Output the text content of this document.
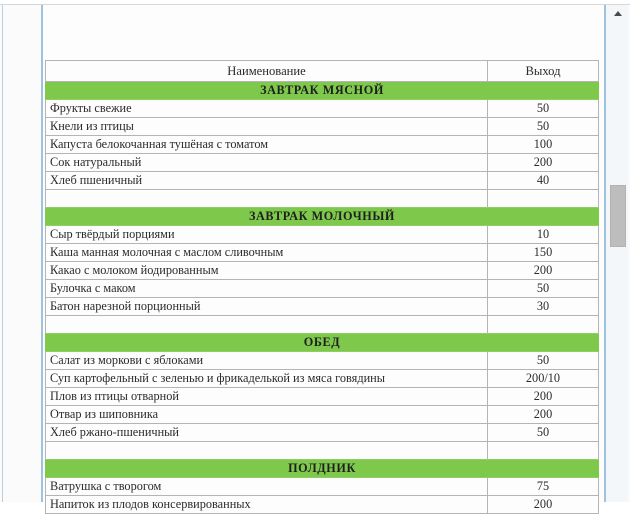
Наименование	Выход
ЗАВТРАК МЯСНОЙ	
Фрукты свежие	50
Кнели из птицы	50
Капуста белокочанная тушёная с томатом	100
Сок натуральный	200
Хлеб пшеничный	40

ЗАВТРАК МОЛОЧНЫЙ	
Сыр твёрдый порциями	10
Каша манная молочная с маслом сливочным	150
Какао с молоком йодированным	200
Булочка с маком	50
Батон нарезной порционный	30

ОБЕД	
Салат из моркови с яблоками	50
Суп картофельный с зеленью и фрикаделькой из мяса говядины	200/10
Плов из птицы отварной	200
Отвар из шиповника	200
Хлеб ржано-пшеничный	50

ПОЛДНИК	
Ватрушка с творогом	75
Напиток из плодов консервированных	200
